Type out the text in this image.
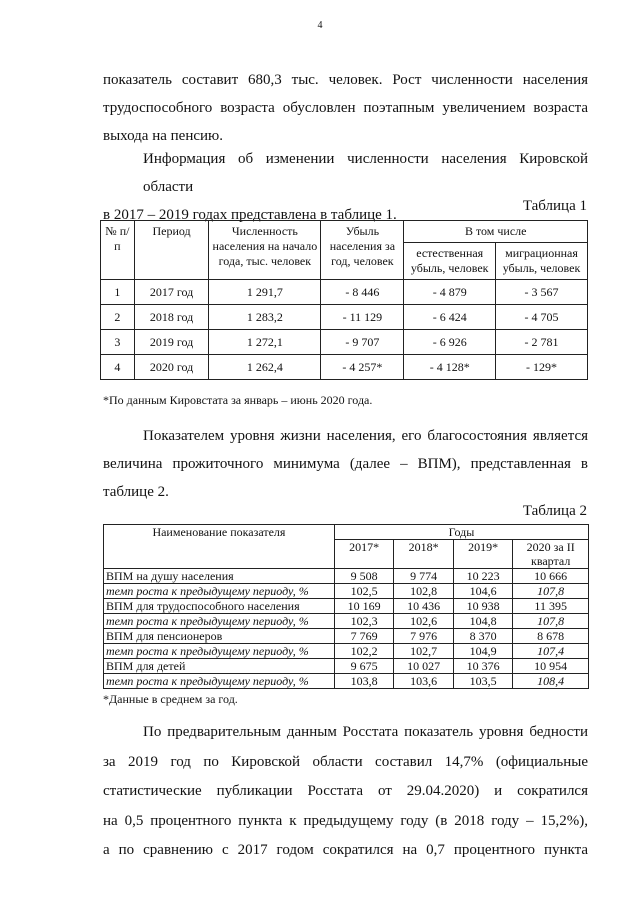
4
показатель составит 680,3 тыс. человек. Рост численности населения
трудоспособного возраста обусловлен поэтапным увеличением возраста
выхода на пенсию.
Информация об изменении численности населения Кировской области
в 2017 – 2019 годах представлена в таблице 1.
Таблица 1
№ п/п	Период	Численность населения на начало года, тыс. человек	Убыль населения за год, человек	В том числе	
				естественная убыль, человек	миграционная убыль, человек
1	2017 год	1 291,7	- 8 446	- 4 879	- 3 567
2	2018 год	1 283,2	- 11 129	- 6 424	- 4 705
3	2019 год	1 272,1	- 9 707	- 6 926	- 2 781
4	2020 год	1 262,4	- 4 257*	- 4 128*	- 129*
*По данным Кировстата за январь – июнь 2020 года.
Показателем уровня жизни населения, его благосостояния является
величина прожиточного минимума (далее – ВПМ), представленная в
таблице 2.
Таблица 2
Наименование показателя	Годы			
	2017*	2018*	2019*	2020 за II квартал
ВПМ на душу населения	9 508	9 774	10 223	10 666
темп роста к предыдущему периоду, %	102,5	102,8	104,6	107,8
ВПМ для трудоспособного населения	10 169	10 436	10 938	11 395
темп роста к предыдущему периоду, %	102,3	102,6	104,8	107,8
ВПМ для пенсионеров	7 769	7 976	8 370	8 678
темп роста к предыдущему периоду, %	102,2	102,7	104,9	107,4
ВПМ для детей	9 675	10 027	10 376	10 954
темп роста к предыдущему периоду, %	103,8	103,6	103,5	108,4
*Данные в среднем за год.
По предварительным данным Росстата показатель уровня бедности
за 2019 год по Кировской области составил 14,7% (официальные
статистические публикации Росстата от 29.04.2020) и сократился
на 0,5 процентного пункта к предыдущему году (в 2018 году – 15,2%),
а по сравнению с 2017 годом сократился на 0,7 процентного пункта
